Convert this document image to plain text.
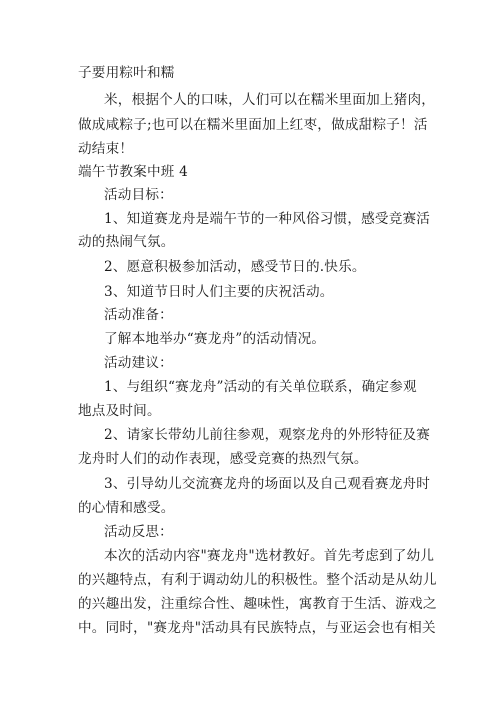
子要用粽叶和糯
米，根据个人的口味，人们可以在糯米里面加上猪肉，
做成咸粽子;也可以在糯米里面加上红枣，做成甜粽子！活
动结束！
端午节教案中班 4
活动目标：
1、知道赛龙舟是端午节的一种风俗习惯，感受竞赛活
动的热闹气氛。
2、愿意积极参加活动，感受节日的.快乐。
3、知道节日时人们主要的庆祝活动。
活动准备：
了解本地举办“赛龙舟”的活动情况。
活动建议：
1、与组织“赛龙舟”活动的有关单位联系，确定参观
地点及时间。
2、请家长带幼儿前往参观，观察龙舟的外形特征及赛
龙舟时人们的动作表现，感受竞赛的热烈气氛。
3、引导幼儿交流赛龙舟的场面以及自己观看赛龙舟时
的心情和感受。
活动反思：
本次的活动内容"赛龙舟"选材教好。首先考虑到了幼儿
的兴趣特点，有利于调动幼儿的积极性。整个活动是从幼儿
的兴趣出发，注重综合性、趣味性，寓教育于生活、游戏之
中。同时，"赛龙舟"活动具有民族特点，与亚运会也有相关
